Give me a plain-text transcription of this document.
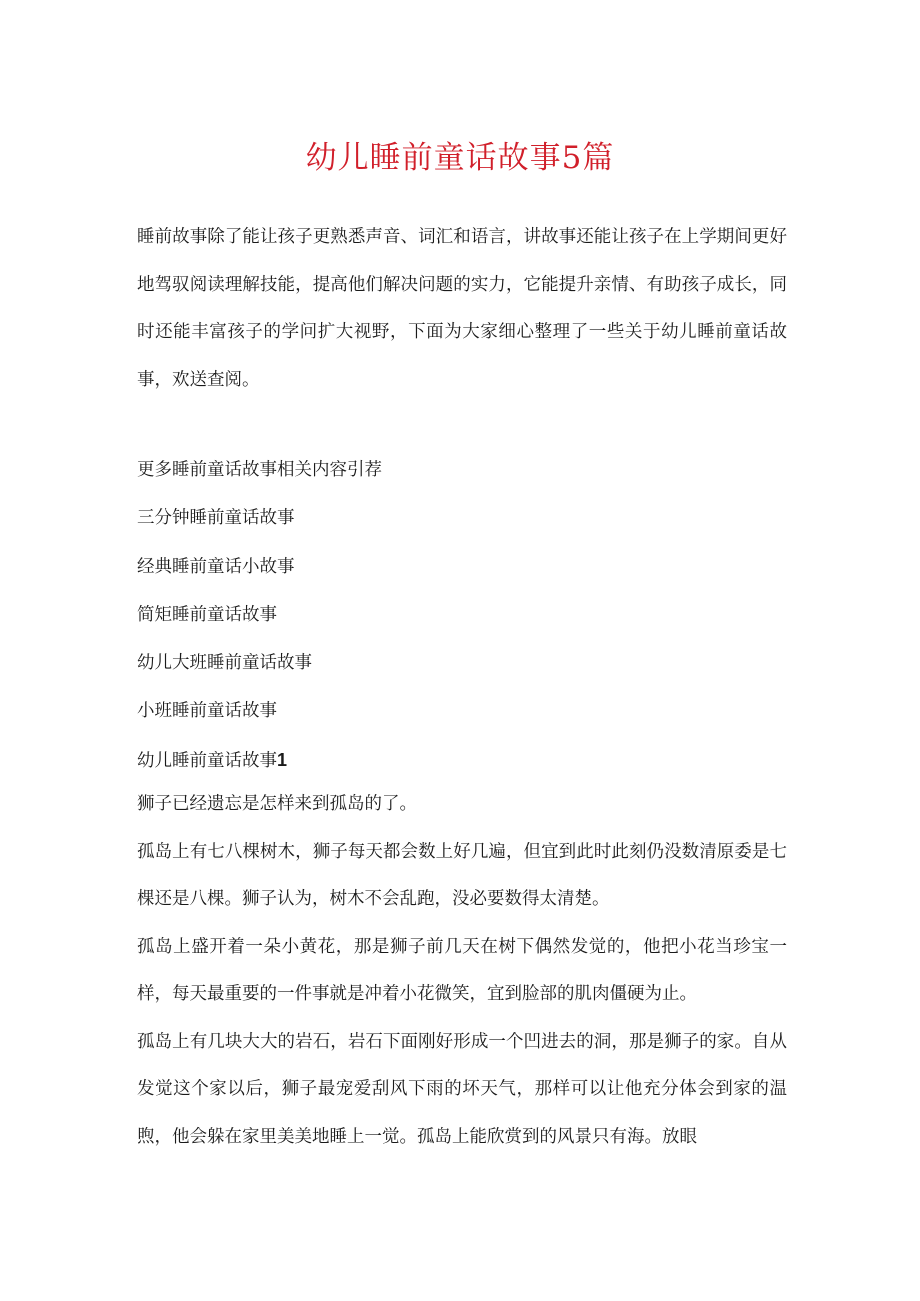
幼儿睡前童话故事5篇

睡前故事除了能让孩子更熟悉声音、词汇和语言，讲故事还能让孩子在上学期间更好地驾驭阅读理解技能，提高他们解决问题的实力，它能提升亲情、有助孩子成长，同时还能丰富孩子的学问扩大视野，下面为大家细心整理了一些关于幼儿睡前童话故事，欢送查阅。

更多睡前童话故事相关内容引荐
三分钟睡前童话故事
经典睡前童话小故事
简矩睡前童话故事
幼儿大班睡前童话故事
小班睡前童话故事
幼儿睡前童话故事1

狮子已经遗忘是怎样来到孤岛的了。

孤岛上有七八棵树木，狮子每天都会数上好几遍，但宜到此时此刻仍没数清原委是七棵还是八棵。狮子认为，树木不会乱跑，没必要数得太清楚。

孤岛上盛开着一朵小黄花，那是狮子前几天在树下偶然发觉的，他把小花当珍宝一样，每天最重要的一件事就是冲着小花微笑，宜到脸部的肌肉僵硬为止。

孤岛上有几块大大的岩石，岩石下面刚好形成一个凹进去的洞，那是狮子的家。自从发觉这个家以后，狮子最宠爱刮风下雨的坏天气，那样可以让他充分体会到家的温煦，他会躲在家里美美地睡上一觉。孤岛上能欣赏到的风景只有海。放眼
